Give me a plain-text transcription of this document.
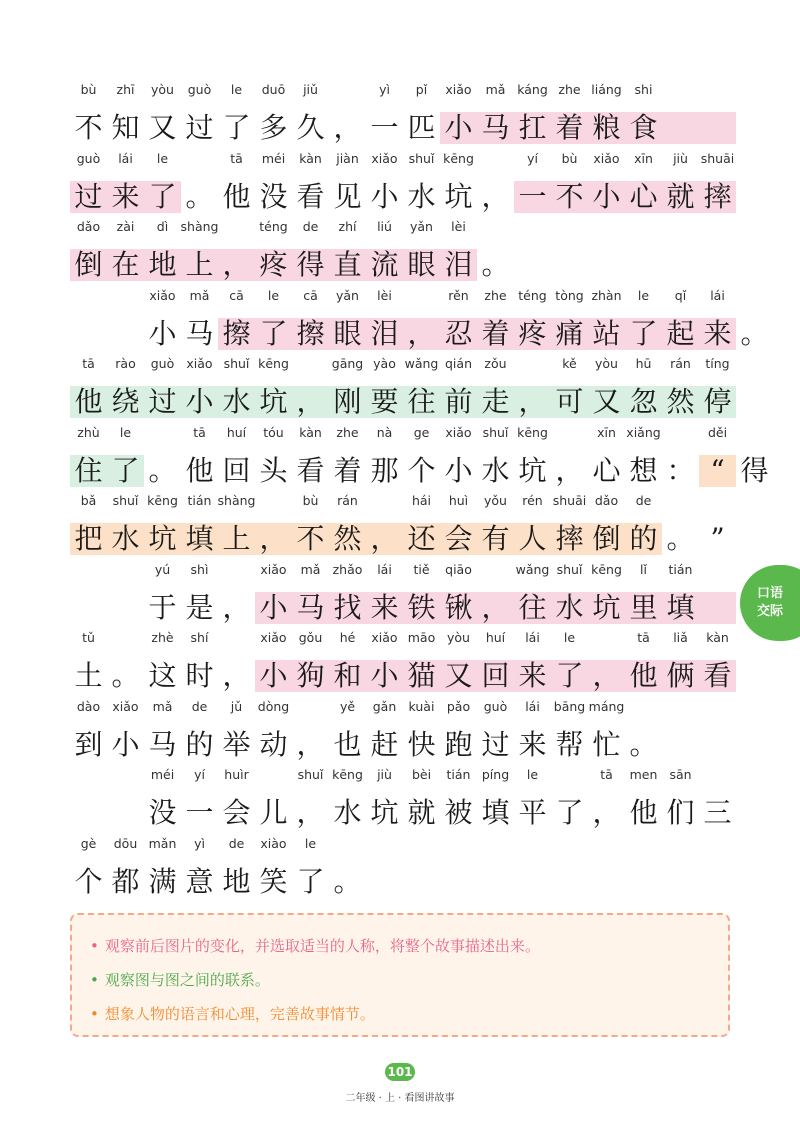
bù
不
zhī
知
yòu
又
guò
过
le
了
duō
多
jiǔ
久 ，
yì
一
pǐ
匹
xiǎo
小
mǎ
马
káng
扛
zhe
着
liáng
粮
shi
食
guò
过
lái
来
le
了 。
tā
他
méi
没
kàn
看
jiàn
见
xiǎo
小
shuǐ
水
kēng
坑 ，
yí
一
bù
不
xiǎo
小
xīn
心
jiù
就
shuāi
摔
dǎo
倒
zài
在
dì
地
shàng
上 ，
téng
疼
de
得
zhí
直
liú
流
yǎn
眼
lèi
泪 。
xiǎo
小
mǎ
马
cā
擦
le
了
cā
擦
yǎn
眼
lèi
泪 ，
rěn
忍
zhe
着
téng
疼
tòng
痛
zhàn
站
le
了
qǐ
起
lái
来 。
tā
他
rào
绕
guò
过
xiǎo
小
shuǐ
水
kēng
坑 ，
gāng
刚
yào
要
wǎng
往
qián
前
zǒu
走 ，
kě
可
yòu
又
hū
忽
rán
然
tíng
停
zhù
住
le
了 。
tā
他
huí
回
tóu
头
kàn
看
zhe
着
nà
那
ge
个
xiǎo
小
shuǐ
水
kēng
坑 ，
xīn
心
xiǎng
想 ：
děi
“ 得
bǎ
把
shuǐ
水
kēng
坑
tián
填
shàng
上 ，
bù
不
rán
然 ，
hái
还
huì
会
yǒu
有
rén
人
shuāi
摔
dǎo
倒
de
的 。 ”
yú
于
shì
是 ，
xiǎo
小
mǎ
马
zhǎo
找
lái
来
tiě
铁
qiāo
锹 ，
wǎng
往
shuǐ
水
kēng
坑
lǐ
里
tián
填
tǔ
土 。
zhè
这
shí
时 ，
xiǎo
小
gǒu
狗
hé
和
xiǎo
小
māo
猫
yòu
又
huí
回
lái
来
le
了 ，
tā
他
liǎ
俩
kàn
看
dào
到
xiǎo
小
mǎ
马
de
的
jǔ
举
dòng
动 ，
yě
也
gǎn
赶
kuài
快
pǎo
跑
guò
过
lái
来
bāng
帮
máng
忙 。
méi
没
yí
一
huìr
会 儿
shuǐ
，
kēng
水
jiù
坑
bèi
就
tián
被
píng
填
le
平 了
tā
，
men
他
sān
们 三
gè
个
dōu
都
mǎn
满
yì
意
de
地
xiào
笑
le
了 。
口语交际
• 观察前后图片的变化，并选取适当的人称，将整个故事描述出来。
• 观察图与图之间的联系。
• 想象人物的语言和心理，完善故事情节。
101
二年级 · 上 · 看图讲故事
